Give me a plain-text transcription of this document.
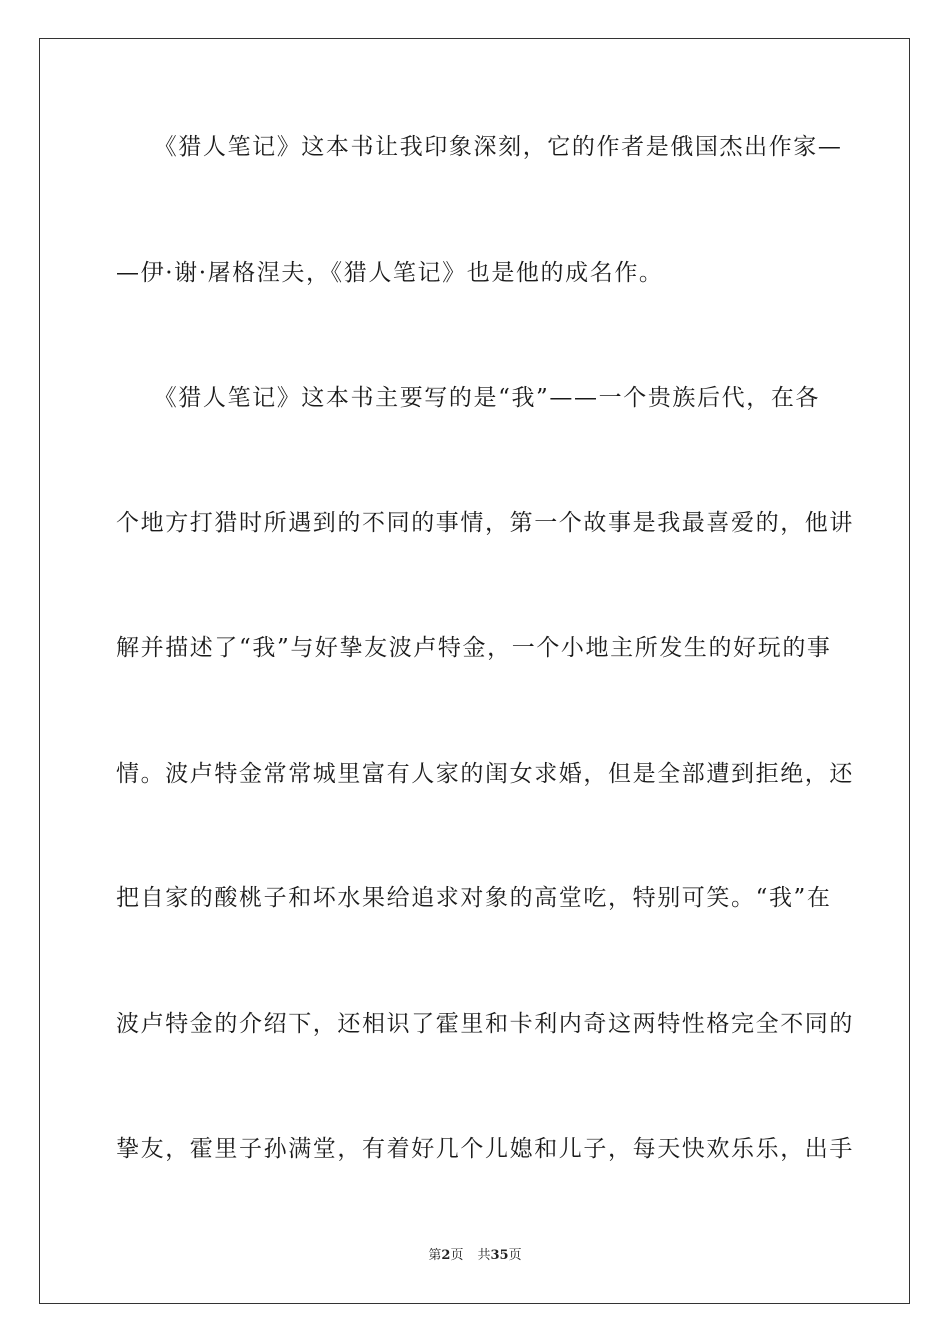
　　《猎人笔记》这本书让我印象深刻，它的作者是俄国杰出作家—
—伊·谢·屠格涅夫，《猎人笔记》也是他的成名作。
　　《猎人笔记》这本书主要写的是“我”——一个贵族后代，在各
个地方打猎时所遇到的不同的事情，第一个故事是我最喜爱的，他讲
解并描述了“我”与好挚友波卢特金，一个小地主所发生的好玩的事
情。波卢特金常常城里富有人家的闺女求婚，但是全部遭到拒绝，还
把自家的酸桃子和坏水果给追求对象的高堂吃，特别可笑。“我”在
波卢特金的介绍下，还相识了霍里和卡利内奇这两特性格完全不同的
挚友，霍里子孙满堂，有着好几个儿媳和儿子，每天快欢乐乐，出手
第2页 共35页
